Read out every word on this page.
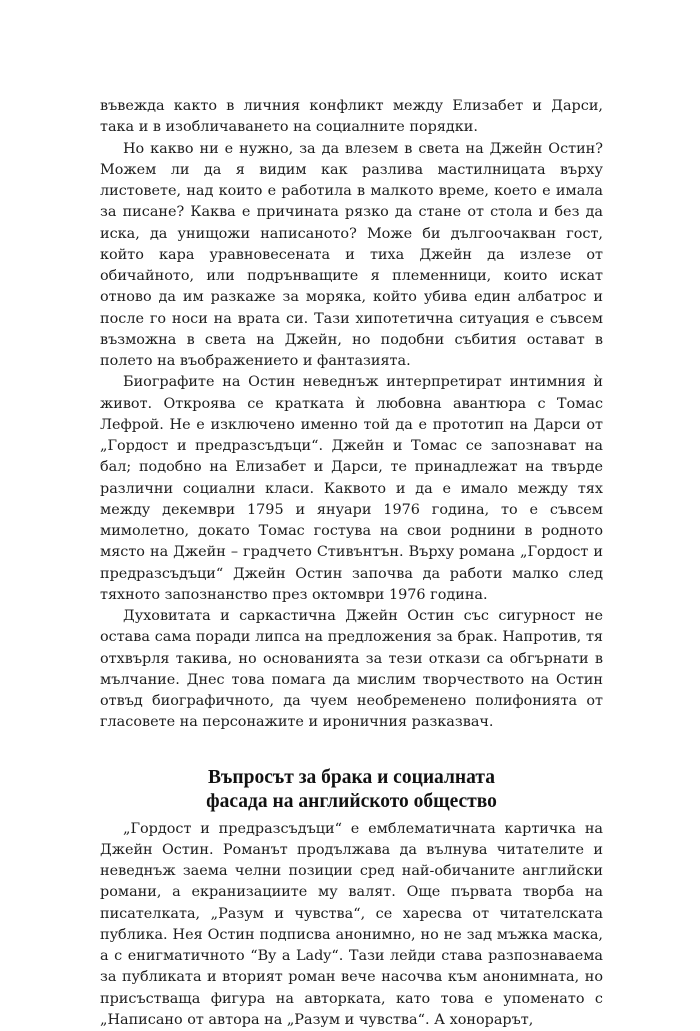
въвежда както в личния конфликт между Елизабет и Дарси, така и в изобличаването на социалните порядки.

Но какво ни е нужно, за да влезем в света на Джейн Остин? Можем ли да я видим как разлива мастилницата върху листовете, над които е работила в малкото време, което е имала за писане? Каква е причината рязко да стане от стола и без да иска, да унищожи написаното? Може би дългоочакван гост, който кара уравновесената и тиха Джейн да излезе от обичайното, или подрънващите я племенници, които искат отново да им разкаже за моряка, който убива един албатрос и после го носи на врата си. Тази хипотетична ситуация е съвсем възможна в света на Джейн, но подобни събития остават в полето на въображението и фантазията.

Биографите на Остин неведнъж интерпретират интимния ѝ живот. Откроява се кратката ѝ любовна авантюра с Томас Лефрой. Не е изключено именно той да е прототип на Дарси от „Гордост и предразсъдъци“. Джейн и Томас се запознават на бал; подобно на Елизабет и Дарси, те принадлежат на твърде различни социални класи. Каквото и да е имало между тях между декември 1795 и януари 1976 година, то е съвсем мимолетно, докато Томас гостува на свои роднини в родното място на Джейн – градчето Стивънтън. Върху романа „Гордост и предразсъдъци“ Джейн Остин започва да работи малко след тяхното запознанство през октомври 1976 година.

Духовитата и саркастична Джейн Остин със сигурност не остава сама поради липса на предложения за брак. Напротив, тя отхвърля такива, но основанията за тези откази са обгърнати в мълчание. Днес това помага да мислим творчеството на Остин отвъд биографичното, да чуем необременено полифонията от гласовете на персонажите и ироничния разказвач.

Въпросът за брака и социалната
фасада на английското общество

„Гордост и предразсъдъци“ е емблематичната картичка на Джейн Остин. Романът продължава да вълнува читателите и неведнъж заема челни позиции сред най-обичаните английски романи, а екранизациите му валят. Още първата творба на писателката, „Разум и чувства“, се харесва от читателската публика. Нея Остин подписва анонимно, но не зад мъжка маска, а с енигматичното “By a Lady“. Тази лейди става разпознаваема за публиката и вторият роман вече насочва към анонимната, но присъстваща фигура на авторката, като това е упоменато с „Написано от автора на „Разум и чувства“. А хонорарът,
